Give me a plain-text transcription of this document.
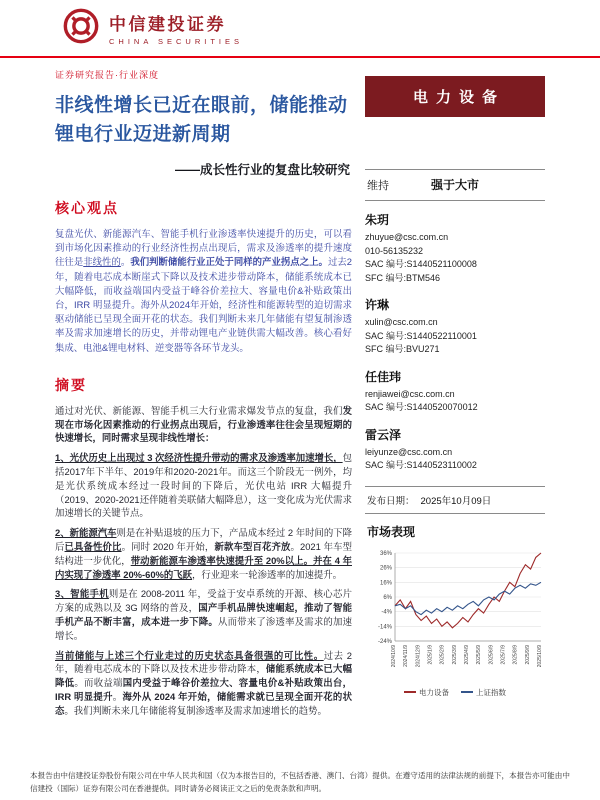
中信建投证券
CHINA SECURITIES
证券研究报告·行业深度
非线性增长已近在眼前，储能推动
锂电行业迈进新周期
——成长性行业的复盘比较研究
核心观点

复盘光伏、新能源汽车、智能手机行业渗透率快速提升的历史，可以看到市场化因素推动的行业经济性拐点出现后，需求及渗透率的提升速度往往是非线性的。我们判断储能行业正处于同样的产业拐点之上。过去2年，随着电芯成本断崖式下降以及技术进步带动降本，储能系统成本已大幅降低，而收益端国内受益于峰谷价差拉大、容量电价&补贴政策出台，IRR 明显提升。海外从2024年开始，经济性和能源转型的迫切需求驱动储能已呈现全面开花的状态。我们判断未来几年储能有望复制渗透率及需求加速增长的历史，并带动锂电产业链供需大幅改善。核心看好集成、电池&锂电材料、逆变器等各环节龙头。

摘要

通过对光伏、新能源、智能手机三大行业需求爆发节点的复盘，我们发现在市场化因素推动的行业拐点出现后，行业渗透率往往会呈现短期的快速增长，同时需求呈现非线性增长：

1、光伏历史上出现过 3 次经济性提升带动的需求及渗透率加速增长，包括2017年下半年、2019年和2020-2021年。而这三个阶段无一例外，均是光伏系统成本经过一段时间的下降后，光伏电站 IRR 大幅提升（2019、2020-2021还伴随着美联储大幅降息），这一变化成为光伏需求加速增长的关键节点。

2、新能源汽车则是在补贴退坡的压力下，产品成本经过 2 年时间的下降后已具备性价比。同时 2020 年开始，新款车型百花齐放。2021 年车型结构进一步优化，带动新能源车渗透率快速提升至 20%以上。并在 4 年内实现了渗透率 20%-60%的飞跃，行业迎来一轮渗透率的加速提升。

3、智能手机则是在 2008-2011 年，受益于安卓系统的开源、核心芯片方案的成熟以及 3G 网络的普及，国产手机品牌快速崛起，推动了智能手机产品不断丰富，成本进一步下降。从而带来了渗透率及需求的加速增长。

当前储能与上述三个行业走过的历史状态具备很强的可比性。过去 2 年，随着电芯成本的下降以及技术进步带动降本，储能系统成本已大幅降低。而收益端国内受益于峰谷价差拉大、容量电价&补贴政策出台，IRR 明显提升。海外从 2024 年开始，储能需求就已呈现全面开花的状态。我们判断未来几年储能将复制渗透率及需求加速增长的趋势。

电力设备
维持	强于大市
朱玥
zhuyue@csc.com.cn
010-56135232
SAC 编号:S1440521100008
SFC 编号:BTM546
许琳
xulin@csc.com.cn
SAC 编号:S1440522110001
SFC 编号:BVU271
任佳玮
renjiawei@csc.com.cn
SAC 编号:S1440520070012
雷云泽
leiyunze@csc.com.cn
SAC 编号:S1440523110002
发布日期： 2025年10月09日
市场表现
36%
26%
16%
6%
-4%
-14%
-24%
2024/10/9 2024/11/9 2024/12/9 2025/1/9 2025/2/9 2025/3/9 2025/4/9 2025/5/9 2025/6/9 2025/7/9 2025/8/9 2025/9/9 2025/10/9
电力设备	上证指数
本报告由中信建投证券股份有限公司在中华人民共和国（仅为本报告目的，不包括香港、澳门、台湾）提供。在遵守适用的法律法规的前提下，本报告亦可能由中信建投（国际）证券有限公司在香港提供。同时请务必阅读正文之后的免责条款和声明。
